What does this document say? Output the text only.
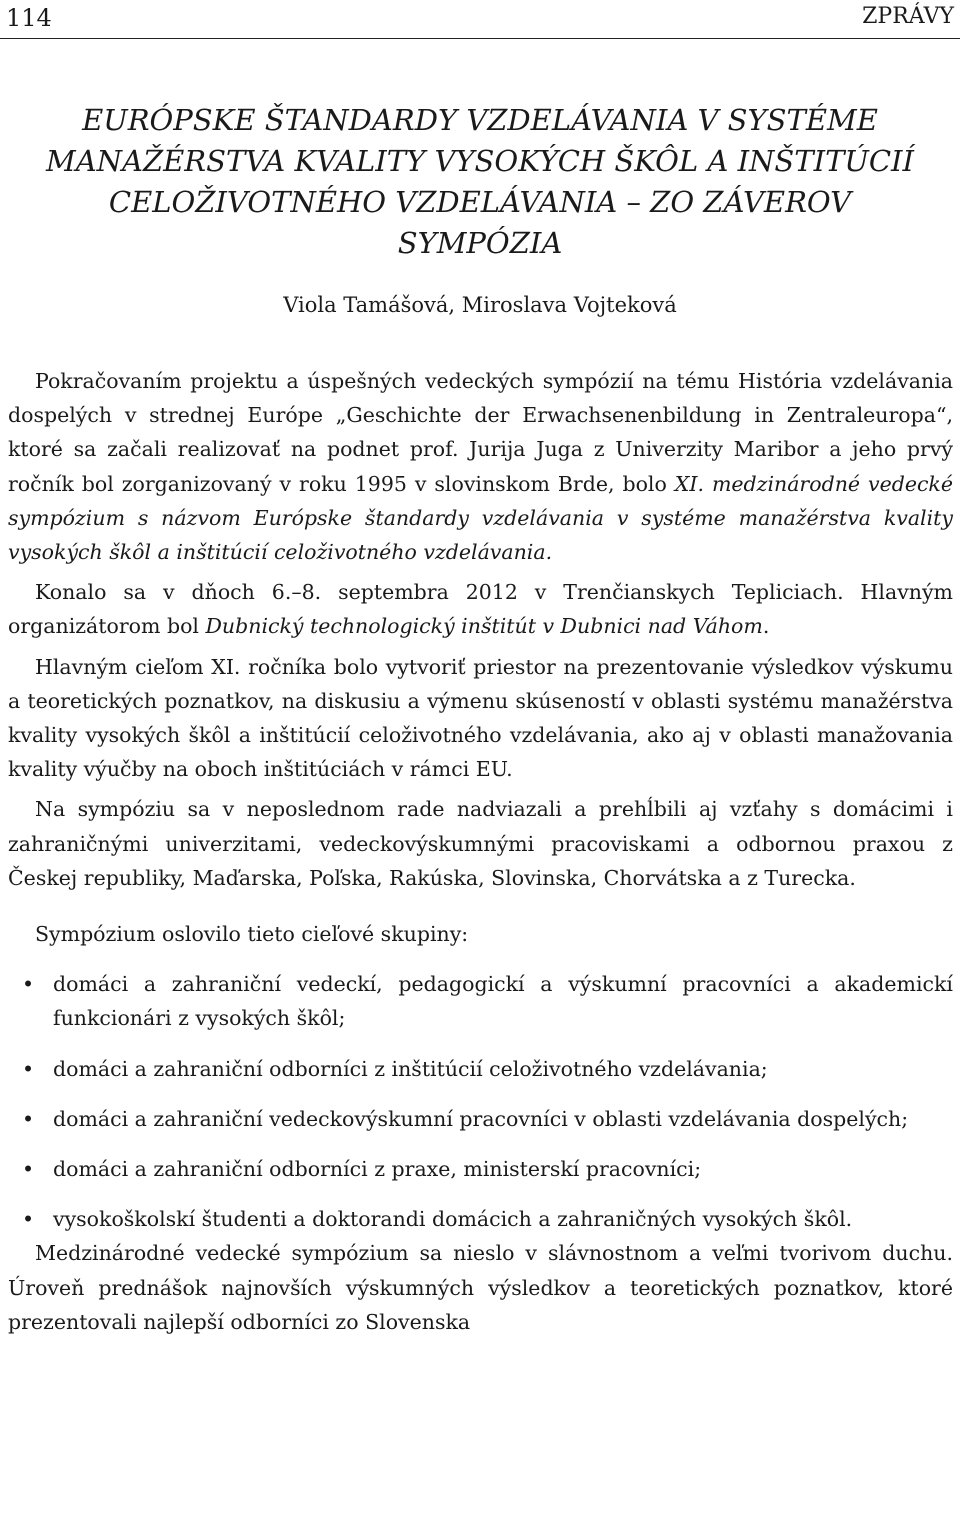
114	ZPRÁVY
EURÓPSKE ŠTANDARDY VZDELÁVANIA V SYSTÉME MANAŽÉRSTVA KVALITY VYSOKÝCH ŠKÔL A INŠTITÚCIÍ CELOŽIVOTNÉHO VZDELÁVANIA – ZO ZÁVEROV SYMPÓZIA
Viola Tamášová, Miroslava Vojteková

Pokračovaním projektu a úspešných vedeckých sympózií na tému História vzdelávania dospelých v strednej Európe „Geschichte der Erwachsenenbildung in Zentraleuropa“, ktoré sa začali realizovať na podnet prof. Jurija Juga z Univerzity Maribor a jeho prvý ročník bol zorganizovaný v roku 1995 v slovinskom Brde, bolo XI. medzinárodné vedecké sympózium s názvom Európske štandardy vzdelávania v systéme manažérstva kvality vysokých škôl a inštitúcií celoživotného vzdelávania.

Konalo sa v dňoch 6.–8. septembra 2012 v Trenčianskych Tepliciach. Hlavným organizátorom bol Dubnický technologický inštitút v Dubnici nad Váhom.

Hlavným cieľom XI. ročníka bolo vytvoriť priestor na prezentovanie výsledkov výskumu a teoretických poznatkov, na diskusiu a výmenu skúseností v oblasti systému manažérstva kvality vysokých škôl a inštitúcií celoživotného vzdelávania, ako aj v oblasti manažovania kvality výučby na oboch inštitúciách v rámci EU.

Na sympóziu sa v neposlednom rade nadviazali a prehĺbili aj vzťahy s domácimi i zahraničnými univerzitami, vedeckovýskumnými pracoviskami a odbornou praxou z Českej republiky, Maďarska, Poľska, Rakúska, Slovinska, Chorvátska a z Turecka.

Sympózium oslovilo tieto cieľové skupiny:

• domáci a zahraniční vedeckí, pedagogickí a výskumní pracovníci a akademickí funkcionári z vysokých škôl;
• domáci a zahraniční odborníci z inštitúcií celoživotného vzdelávania;
• domáci a zahraniční vedeckovýskumní pracovníci v oblasti vzdelávania dospelých;
• domáci a zahraniční odborníci z praxe, ministerskí pracovníci;
• vysokoškolskí študenti a doktorandi domácich a zahraničných vysokých škôl.

Medzinárodné vedecké sympózium sa nieslo v slávnostnom a veľmi tvorivom duchu. Úroveň prednášok najnovších výskumných výsledkov a teoretických poznatkov, ktoré prezentovali najlepší odborníci zo Slovenska
